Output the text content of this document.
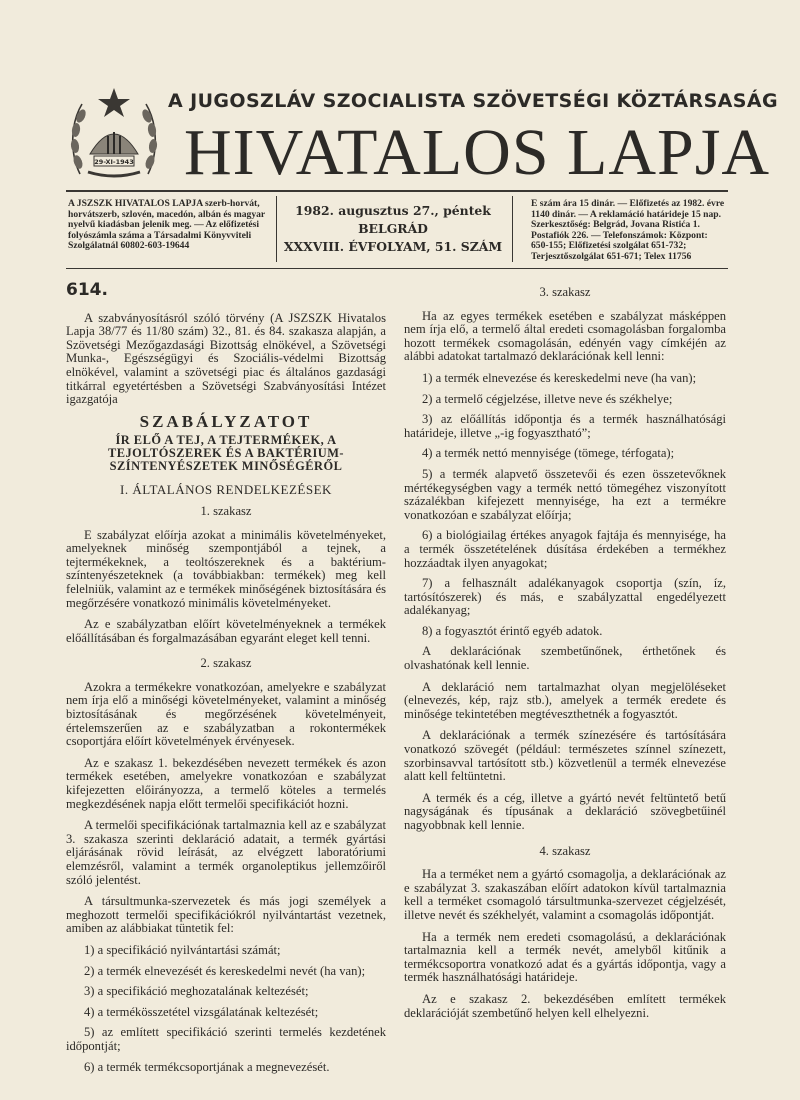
29-XI-1943
A JUGOSZLÁV SZOCIALISTA SZÖVETSÉGI KÖZTÁRSASÁG
HIVATALOS LAPJA
A JSZSZK HIVATALOS LAPJA szerb-horvát, horvátszerb, szlovén, macedón, albán és magyar nyelvű kiadásban jelenik meg. — Az előfizetési folyószámla száma a Társadalmi Könyvviteli Szolgálatnál 60802-603-19644
1982. augusztus 27., péntek
BELGRÁD
XXXVIII. ÉVFOLYAM, 51. SZÁM
E szám ára 15 dinár. — Előfizetés az 1982. évre 1140 dinár. — A reklamáció határideje 15 nap. Szerkesztőség: Belgrád, Jovana Ristića 1. Postafiók 226. — Telefonszámok: Központ: 650-155; Előfizetési szolgálat 651-732; Terjesztőszolgálat 651-671; Telex 11756
614.

A szabványosításról szóló törvény (A JSZSZK Hivatalos Lapja 38/77 és 11/80 szám) 32., 81. és 84. szakasza alapján, a Szövetségi Mezőgazdasági Bizottság elnökével, a Szövetségi Munka-, Egészségügyi és Szociális-védelmi Bizottság elnökével, valamint a szövetségi piac és általános gazdasági titkárral egyetértésben a Szövetségi Szabványosítási Intézet igazgatója

SZABÁLYZATOT
ÍR ELŐ A TEJ, A TEJTERMÉKEK, A TEJOLTÓSZEREK ÉS A BAKTÉRIUM-SZÍNTENYÉSZETEK MINŐSÉGÉRŐL
I. ÁLTALÁNOS RENDELKEZÉSEK
1. szakasz

E szabályzat előírja azokat a minimális követelményeket, amelyeknek minőség szempontjából a tejnek, a tejtermékeknek, a teoltószereknek és a baktérium-színtenyészeteknek (a továbbiakban: termékek) meg kell felelniük, valamint az e termékek minőségének biztosítására és megőrzésére vonatkozó minimális követelményeket.

Az e szabályzatban előírt követelményeknek a termékek előállításában és forgalmazásában egyaránt eleget kell tenni.

2. szakasz

Azokra a termékekre vonatkozóan, amelyekre e szabályzat nem írja elő a minőségi követelményeket, valamint a minőség biztosításának és megőrzésének követelményeit, értelemszerűen az e szabályzatban a rokontermékek csoportjára előírt követelmények érvényesek.

Az e szakasz 1. bekezdésében nevezett termékek és azon termékek esetében, amelyekre vonatkozóan e szabályzat kifejezetten előirányozza, a termelő köteles a termelés megkezdésének napja előtt termelői specifikációt hozni.

A termelői specifikációnak tartalmaznia kell az e szabályzat 3. szakasza szerinti deklaráció adatait, a termék gyártási eljárásának rövid leírását, az elvégzett laboratóriumi elemzésről, valamint a termék organoleptikus jellemzőiről szóló jelentést.

A társultmunka-szervezetek és más jogi személyek a meghozott termelői specifikációkról nyilvántartást vezetnek, amiben az alábbiakat tüntetik fel:

1) a specifikáció nyilvántartási számát;
2) a termék elnevezését és kereskedelmi nevét (ha van);
3) a specifikáció meghozatalának keltezését;
4) a termékösszetétel vizsgálatának keltezését;
5) az említett specifikáció szerinti termelés kezdetének időpontját;
6) a termék termékcsoportjának a megnevezését.
3. szakasz

Ha az egyes termékek esetében e szabályzat másképpen nem írja elő, a termelő által eredeti csomagolásban forgalomba hozott termékek csomagolásán, edényén vagy címkéjén az alábbi adatokat tartalmazó deklarációnak kell lenni:

1) a termék elnevezése és kereskedelmi neve (ha van);
2) a termelő cégjelzése, illetve neve és székhelye;
3) az előállítás időpontja és a termék használhatósági határideje, illetve „-ig fogyasztható”;
4) a termék nettó mennyisége (tömege, térfogata);
5) a termék alapvető összetevői és ezen összetevőknek mértékegységben vagy a termék nettó tömegéhez viszonyított százalékban kifejezett mennyisége, ha ezt a termékre vonatkozóan e szabályzat előírja;
6) a biológiailag értékes anyagok fajtája és mennyisége, ha a termék összetételének dúsítása érdekében a termékhez hozzáadtak ilyen anyagokat;
7) a felhasznált adalékanyagok csoportja (szín, íz, tartósítószerek) és más, e szabályzattal engedélyezett adalékanyag;
8) a fogyasztót érintő egyéb adatok.

A deklarációnak szembetűnőnek, érthetőnek és olvashatónak kell lennie.

A deklaráció nem tartalmazhat olyan megjelöléseket (elnevezés, kép, rajz stb.), amelyek a termék eredete és minősége tekintetében megtéveszthetnék a fogyasztót.

A deklarációnak a termék színezésére és tartósítására vonatkozó szövegét (például: természetes színnel színezett, szorbinsavval tartósított stb.) közvetlenül a termék elnevezése alatt kell feltüntetni.

A termék és a cég, illetve a gyártó nevét feltüntető betű nagyságának és típusának a deklaráció szövegbetűinél nagyobbnak kell lennie.

4. szakasz

Ha a terméket nem a gyártó csomagolja, a deklarációnak az e szabályzat 3. szakaszában előírt adatokon kívül tartalmaznia kell a terméket csomagoló társultmunka-szervezet cégjelzését, illetve nevét és székhelyét, valamint a csomagolás időpontját.

Ha a termék nem eredeti csomagolású, a deklarációnak tartalmaznia kell a termék nevét, amelyből kitűnik a termékcsoportra vonatkozó adat és a gyártás időpontja, vagy a termék használhatósági határideje.

Az e szakasz 2. bekezdésében említett termékek deklarációját szembetűnő helyen kell elhelyezni.
